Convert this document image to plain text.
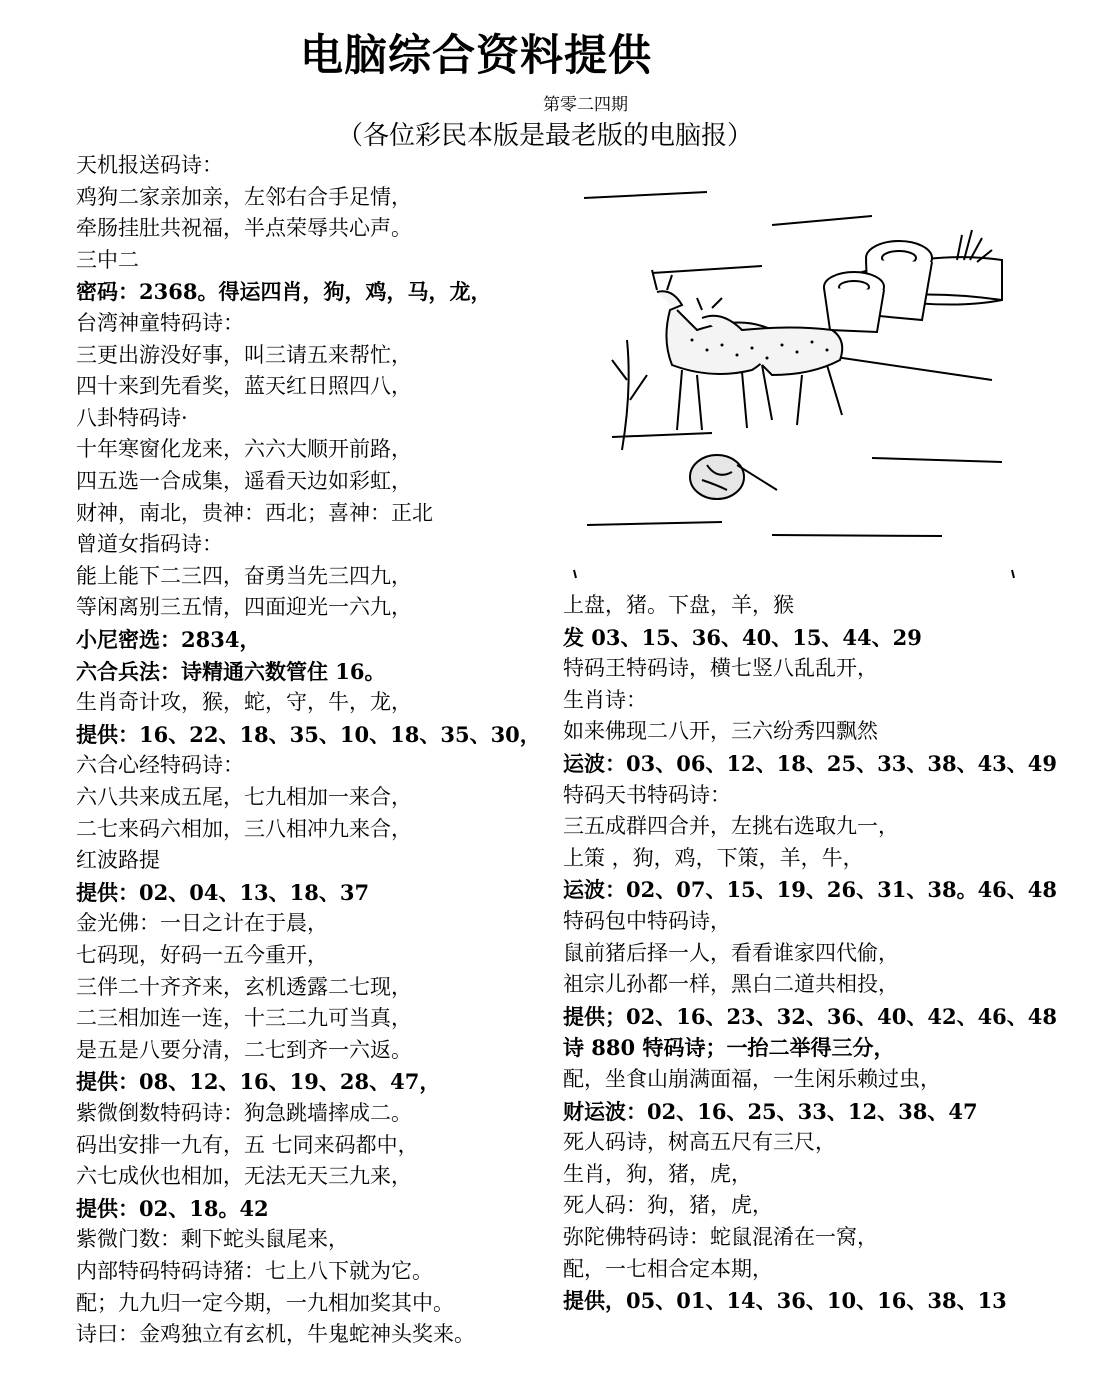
电脑综合资料提供
第零二四期
（各位彩民本版是最老版的电脑报）
天机报送码诗：
鸡狗二家亲加亲，左邻右合手足情，
牵肠挂肚共祝福，半点荣辱共心声。
三中二
密码：2368。得运四肖，狗，鸡，马，龙，
台湾神童特码诗：
三更出游没好事，叫三请五来帮忙，
四十来到先看奖，蓝天红日照四八，
八卦特码诗·
十年寒窗化龙来，六六大顺开前路，
四五选一合成集，遥看天边如彩虹，
财神，南北，贵神：西北；喜神：正北
曾道女指码诗：
能上能下二三四，奋勇当先三四九，
等闲离别三五情，四面迎光一六九，
小尼密选：2834，
六合兵法：诗精通六数管住 16。
生肖奇计攻，猴，蛇，守，牛，龙，
提供：16、22、18、35、10、18、35、30，
六合心经特码诗：
六八共来成五尾，七九相加一来合，
二七来码六相加，三八相冲九来合，
红波路提
提供：02、04、13、18、37
金光佛：一日之计在于晨，
七码现，好码一五今重开，
三伴二十齐齐来，玄机透露二七现，
二三相加连一连，十三二九可当真，
是五是八要分清，二七到齐一六返。
提供：08、12、16、19、28、47，
紫微倒数特码诗：狗急跳墙摔成二。
码出安排一九有，五 七同来码都中，
六七成伙也相加，无法无天三九来，
提供：02、18。42
紫微门数：剩下蛇头鼠尾来，
内部特码特码诗猪：七上八下就为它。
配；九九归一定今期，一九相加奖其中。
诗曰：金鸡独立有玄机，牛鬼蛇神头奖来。
上盘，猪。下盘，羊，猴
发 03、15、36、40、15、44、29
特码王特码诗，横七竖八乱乱开，
生肖诗：
如来佛现二八开，三六纷秀四飘然
运波：03、06、12、18、25、33、38、43、49
特码天书特码诗：
三五成群四合并，左挑右选取九一，
上策 ，狗，鸡，下策，羊，牛，
运波：02、07、15、19、26、31、38。46、48
特码包中特码诗，
鼠前猪后择一人，看看谁家四代偷，
祖宗儿孙都一样，黑白二道共相投，
提供；02、16、23、32、36、40、42、46、48
诗 880 特码诗；一抬二举得三分，
配，坐食山崩满面福，一生闲乐赖过虫，
财运波：02、16、25、33、12、38、47
死人码诗，树高五尺有三尺，
生肖，狗，猪，虎，
死人码：狗，猪，虎，
弥陀佛特码诗：蛇鼠混淆在一窝，
配，一七相合定本期，
提供，05、01、14、36、10、16、38、13
